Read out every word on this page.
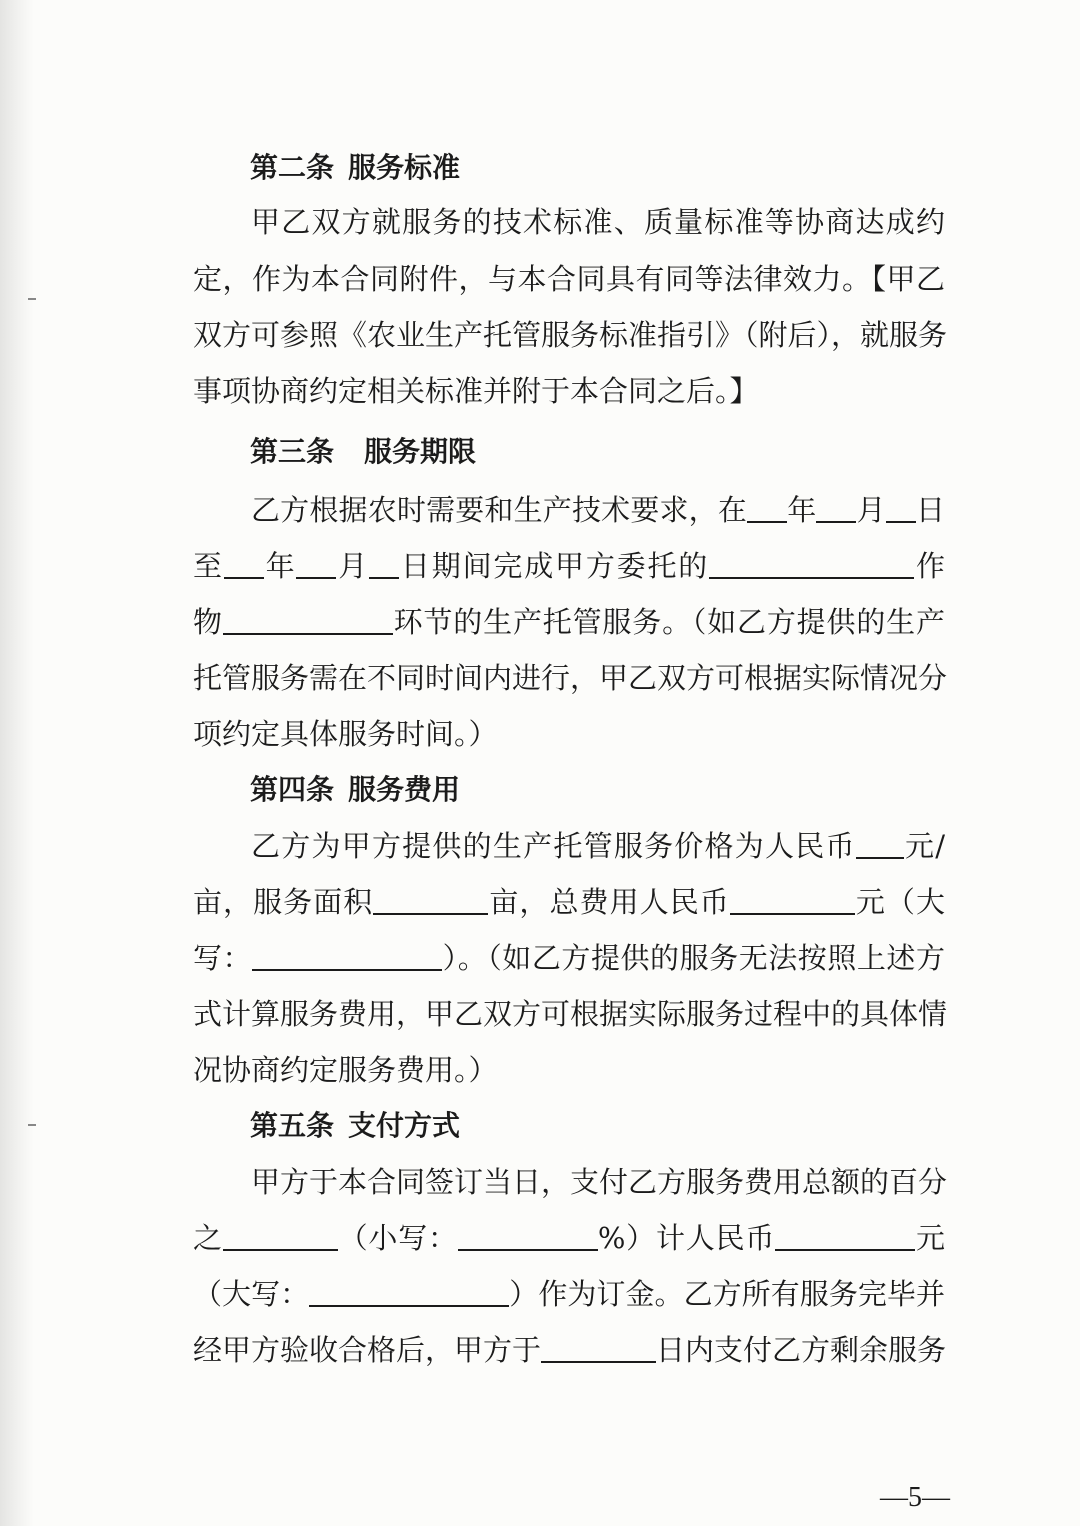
第二条 服务标准
甲乙双方就服务的技术标准、质量标准等协商达成约
定，作为本合同附件，与本合同具有同等法律效力。【甲乙
双方可参照《农业生产托管服务标准指引》（附后），就服务
事项协商约定相关标准并附于本合同之后。】
第三条 服务期限
乙方根据农时需要和生产技术要求，在 年 月 日
至 年 月 日期间完成甲方委托的	作
物	环节的生产托管服务。（如乙方提供的生产
托管服务需在不同时间内进行，甲乙双方可根据实际情况分
项约定具体服务时间。）
第四条 服务费用
乙方为甲方提供的生产托管服务价格为人民币 元/
亩，服务面积	亩，总费用人民币	元（大
写：	）。（如乙方提供的服务无法按照上述方
式计算服务费用，甲乙双方可根据实际服务过程中的具体情
况协商约定服务费用。）
第五条 支付方式
甲方于本合同签订当日，支付乙方服务费用总额的百分
之	（小写：	%）计人民币	元
（大写：	）作为订金。乙方所有服务完毕并
经甲方验收合格后，甲方于	日内支付乙方剩余服务
—5—
